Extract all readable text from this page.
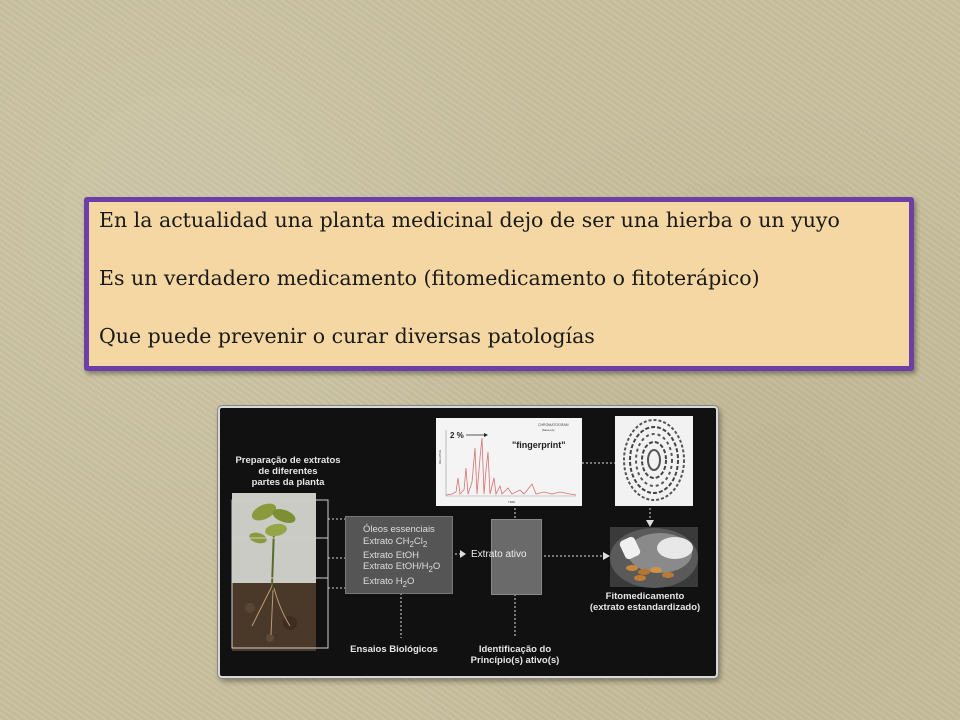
En la actualidad una planta medicinal dejo de ser una hierba o un yuyo

Es un verdadero medicamento (fitomedicamento o fitoterápico)

Que puede prevenir o curar diversas patologías

2 %
"fingerprint"
CHROMATOGRAM
[baseout]
RELATIVE
TIME
Preparação de extratos
de diferentes
partes da planta
Óleos essenciais
Extrato $CH_2Cl_2$
Extrato EtOH
Extrato EtOH/$H_2O$
Extrato $H_2O$
Extrato ativo
Ensaios Biológicos	Identificação do
Princípio(s) ativo(s)
Fitomedicamento
(extrato estandardizado)
